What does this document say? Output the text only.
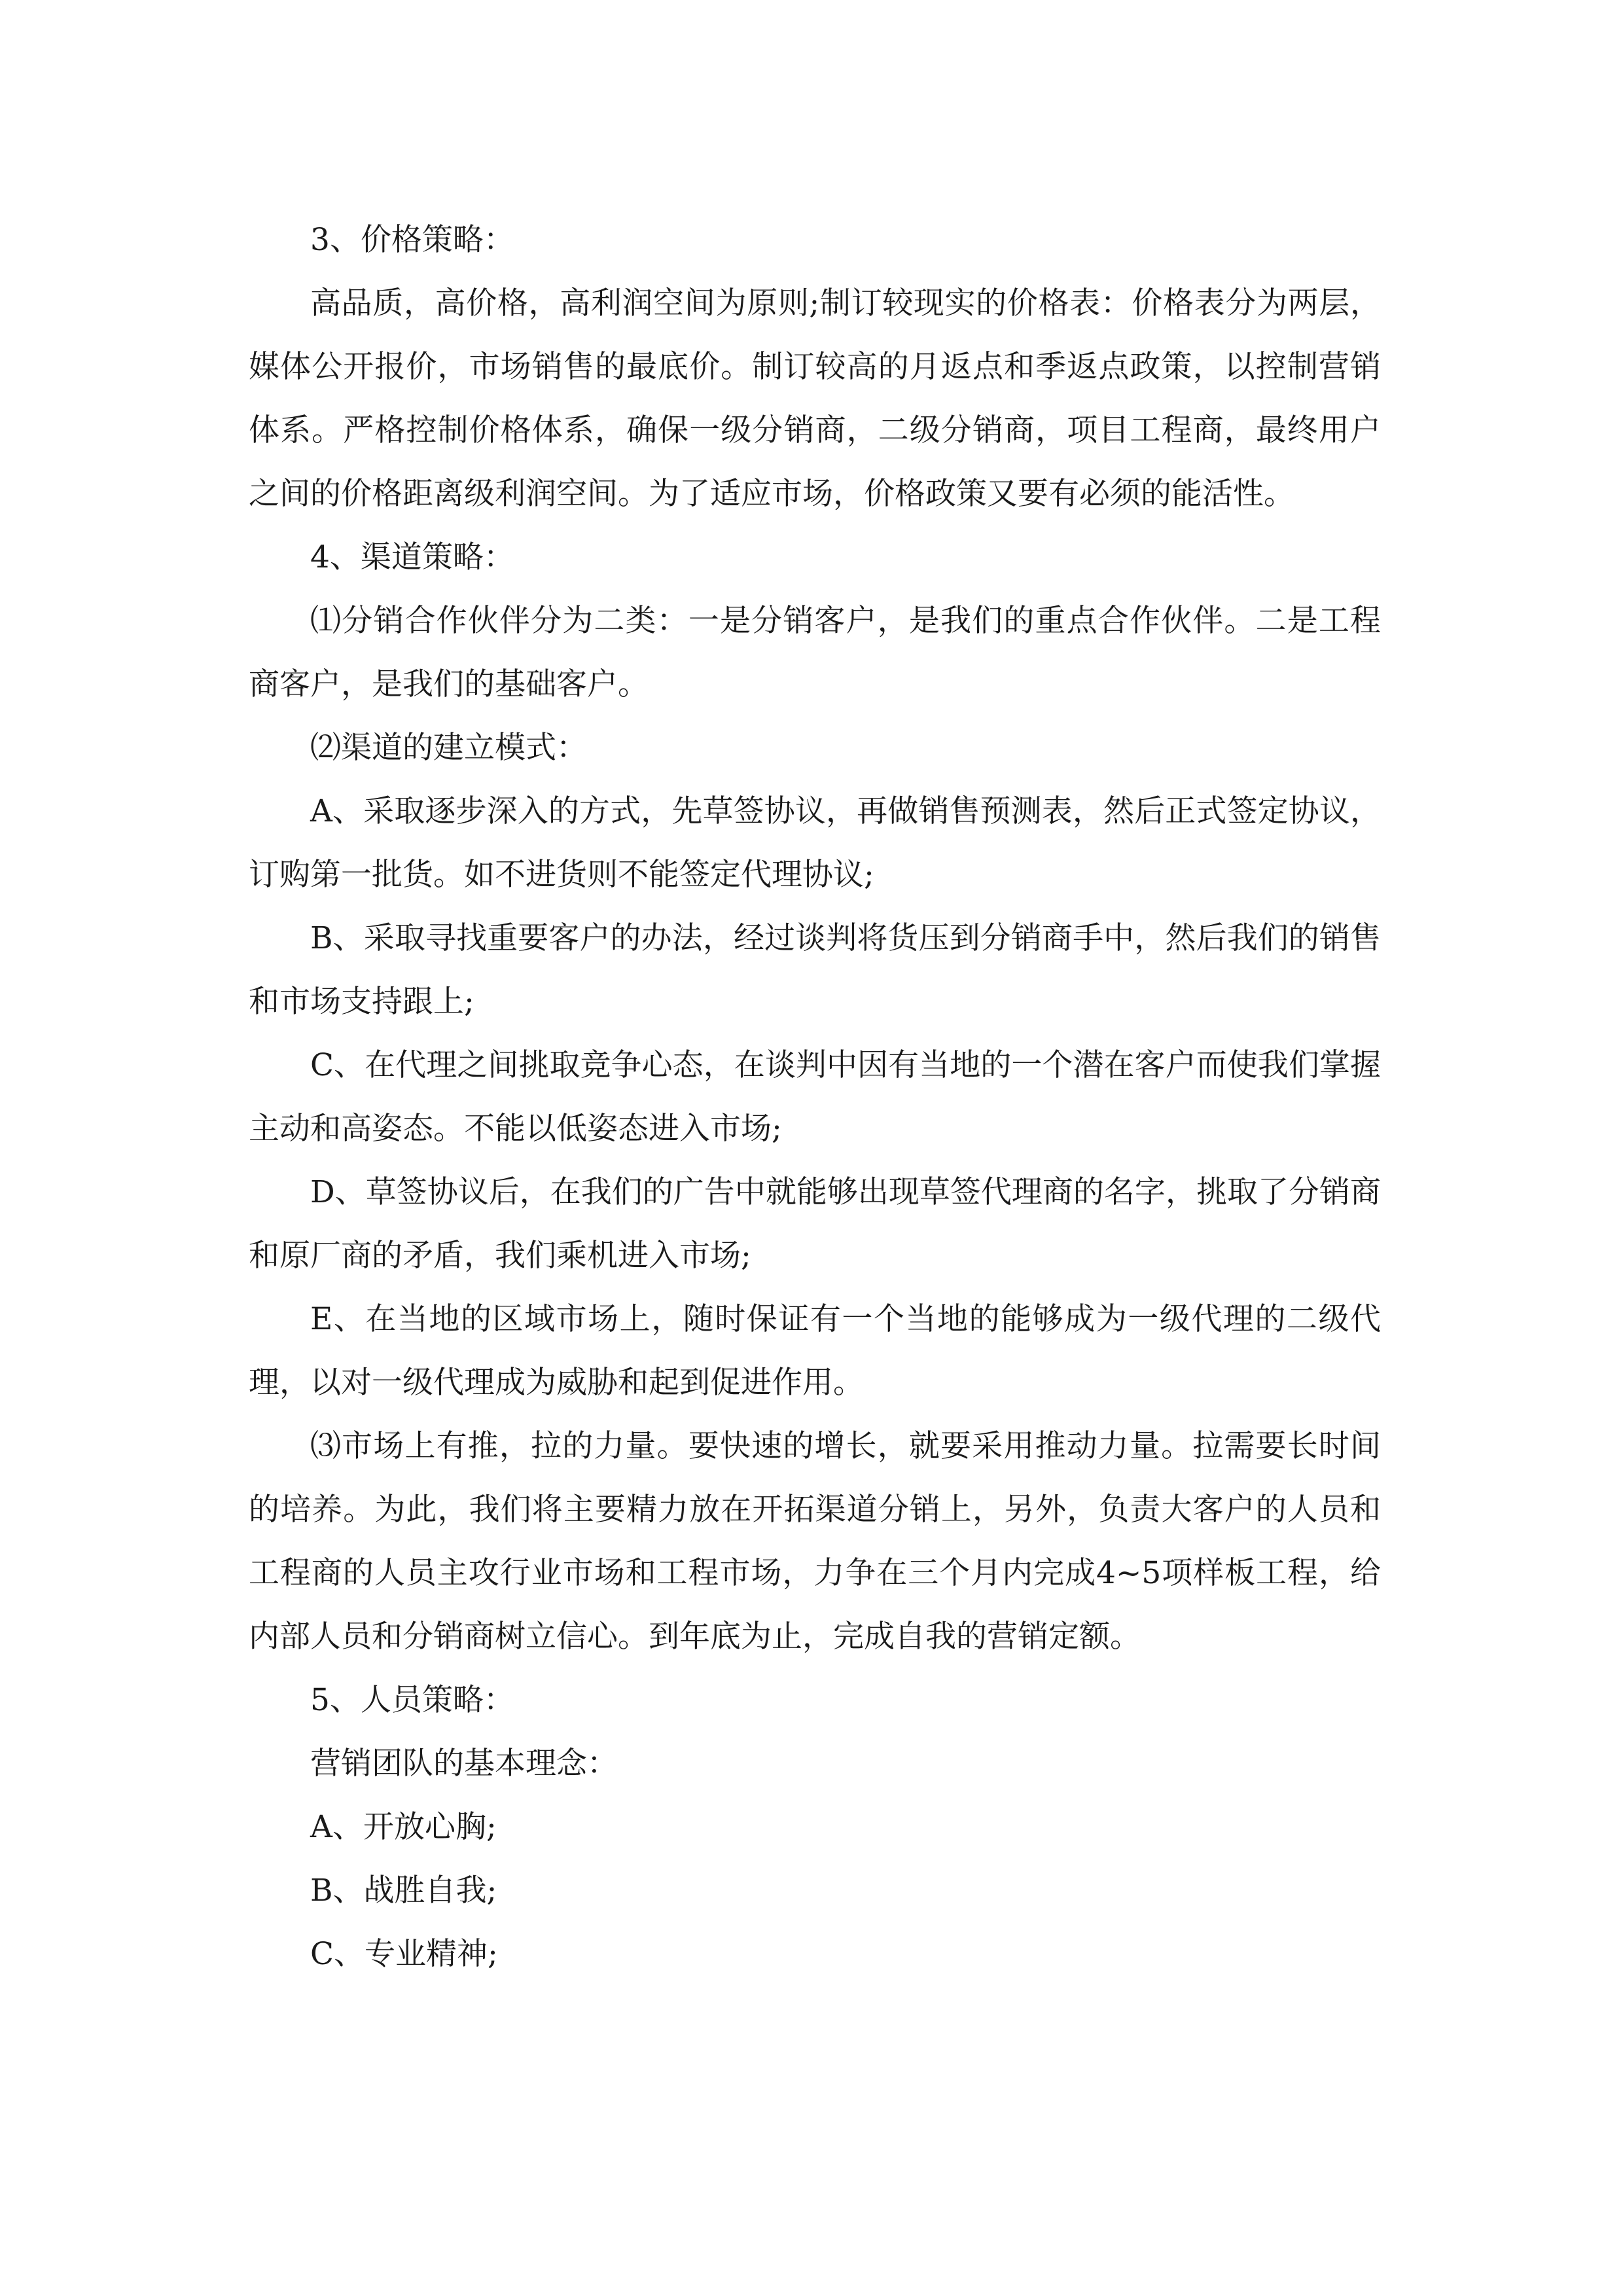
3、价格策略：

高品质，高价格，高利润空间为原则;制订较现实的价格表：价格表分为两层，媒体公开报价，市场销售的最底价。制订较高的月返点和季返点政策，以控制营销体系。严格控制价格体系，确保一级分销商，二级分销商，项目工程商，最终用户之间的价格距离级利润空间。为了适应市场，价格政策又要有必须的能活性。

4、渠道策略：

⑴分销合作伙伴分为二类：一是分销客户，是我们的重点合作伙伴。二是工程商客户，是我们的基础客户。

⑵渠道的建立模式：

A、采取逐步深入的方式，先草签协议，再做销售预测表，然后正式签定协议，订购第一批货。如不进货则不能签定代理协议;

B、采取寻找重要客户的办法，经过谈判将货压到分销商手中，然后我们的销售和市场支持跟上;

C、在代理之间挑取竞争心态，在谈判中因有当地的一个潜在客户而使我们掌握主动和高姿态。不能以低姿态进入市场;

D、草签协议后，在我们的广告中就能够出现草签代理商的名字，挑取了分销商和原厂商的矛盾，我们乘机进入市场;

E、在当地的区域市场上，随时保证有一个当地的能够成为一级代理的二级代理，以对一级代理成为威胁和起到促进作用。

⑶市场上有推，拉的力量。要快速的增长，就要采用推动力量。拉需要长时间的培养。为此，我们将主要精力放在开拓渠道分销上，另外，负责大客户的人员和工程商的人员主攻行业市场和工程市场，力争在三个月内完成4~5项样板工程，给内部人员和分销商树立信心。到年底为止，完成自我的营销定额。

5、人员策略：

营销团队的基本理念：

A、开放心胸;

B、战胜自我;

C、专业精神;
